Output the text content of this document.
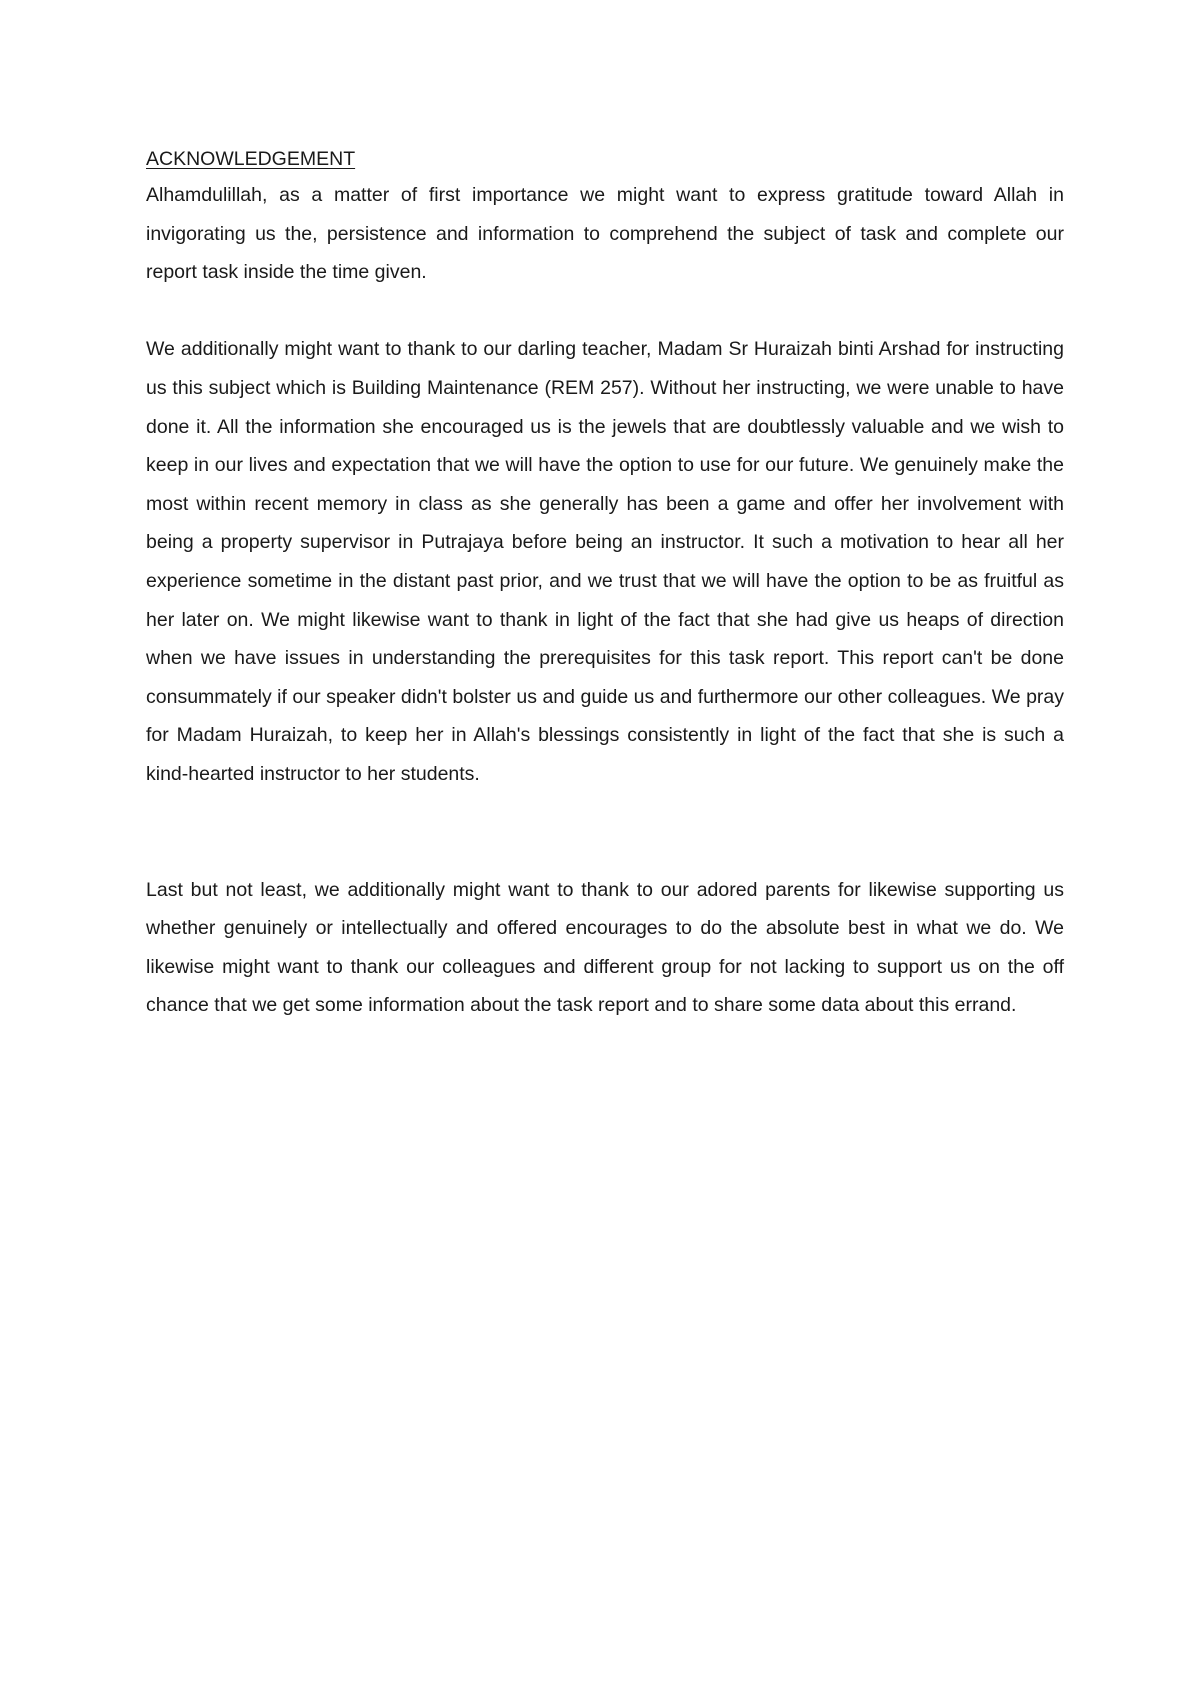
ACKNOWLEDGEMENT

Alhamdulillah, as a matter of first importance we might want to express gratitude toward Allah in invigorating us the, persistence and information to comprehend the subject of task and complete our report task inside the time given.

We additionally might want to thank to our darling teacher, Madam Sr Huraizah binti Arshad for instructing us this subject which is Building Maintenance (REM 257). Without her instructing, we were unable to have done it. All the information she encouraged us is the jewels that are doubtlessly valuable and we wish to keep in our lives and expectation that we will have the option to use for our future. We genuinely make the most within recent memory in class as she generally has been a game and offer her involvement with being a property supervisor in Putrajaya before being an instructor. It such a motivation to hear all her experience sometime in the distant past prior, and we trust that we will have the option to be as fruitful as her later on. We might likewise want to thank in light of the fact that she had give us heaps of direction when we have issues in understanding the prerequisites for this task report. This report can't be done consummately if our speaker didn't bolster us and guide us and furthermore our other colleagues. We pray for Madam Huraizah, to keep her in Allah's blessings consistently in light of the fact that she is such a kind-hearted instructor to her students.

Last but not least, we additionally might want to thank to our adored parents for likewise supporting us whether genuinely or intellectually and offered encourages to do the absolute best in what we do. We likewise might want to thank our colleagues and different group for not lacking to support us on the off chance that we get some information about the task report and to share some data about this errand.
